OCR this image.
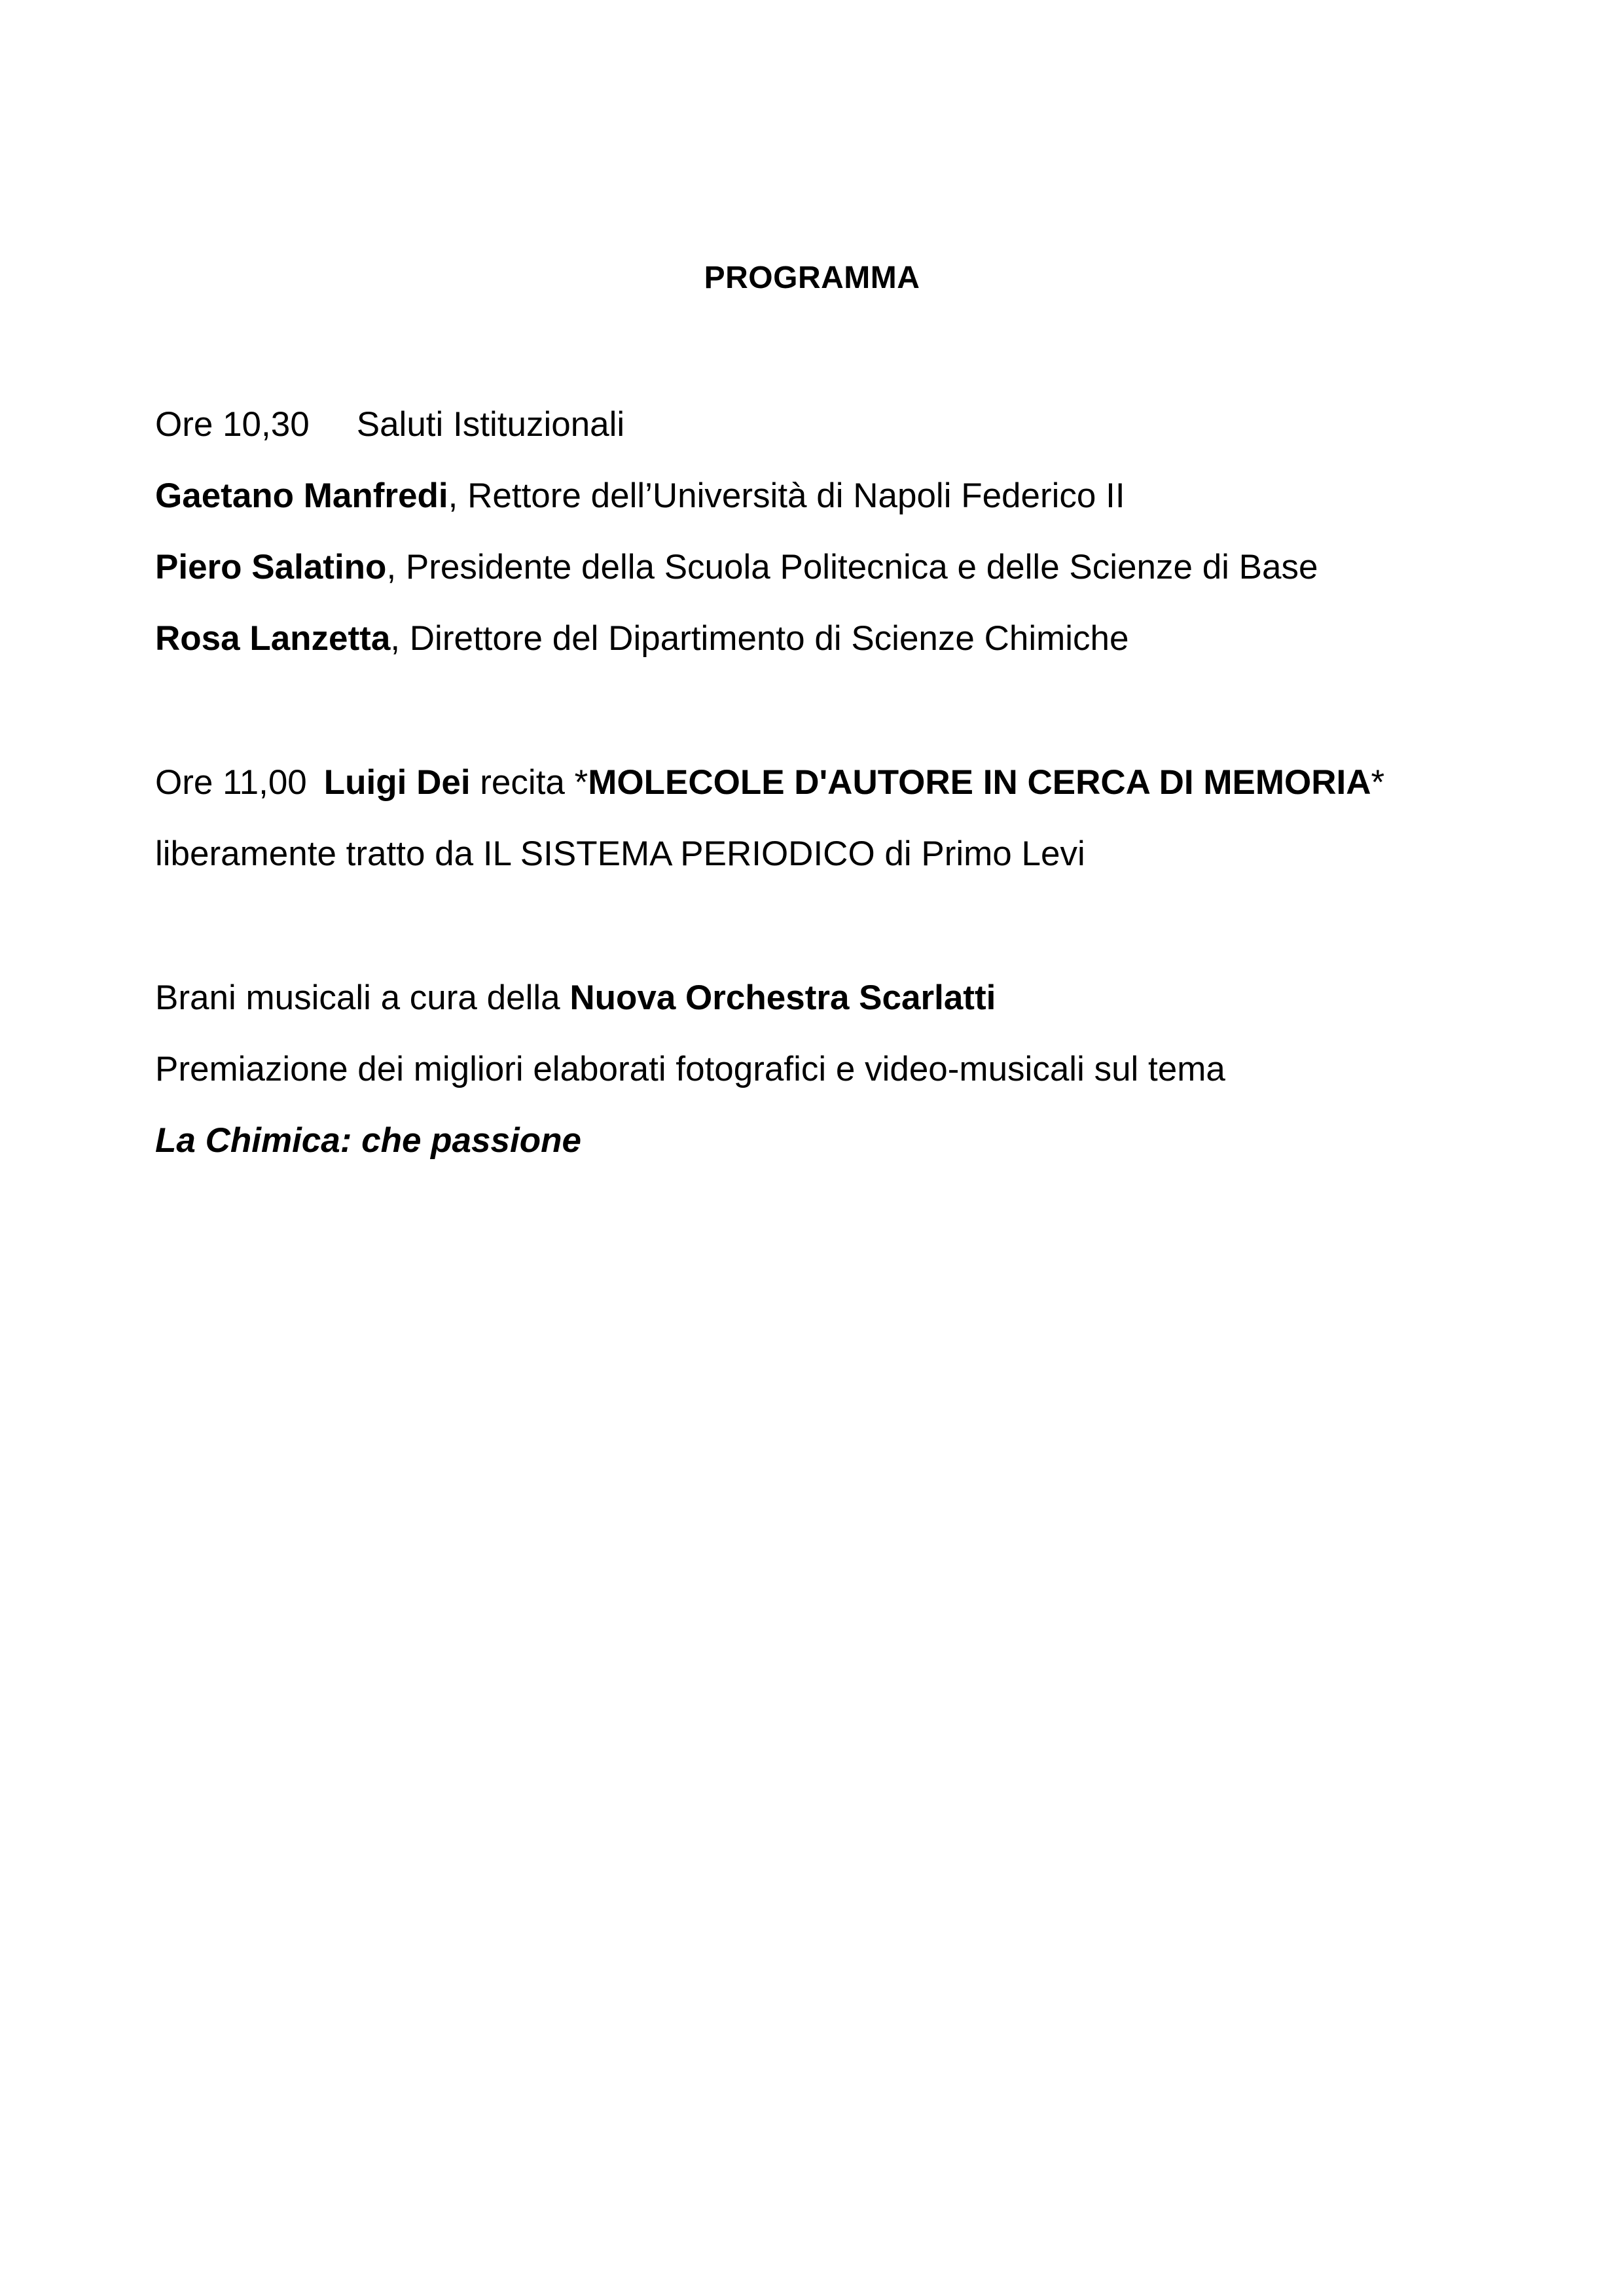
PROGRAMMA
Ore 10,30 Saluti Istituzionali
Gaetano Manfredi, Rettore dell’Università di Napoli Federico II
Piero Salatino, Presidente della Scuola Politecnica e delle Scienze di Base
Rosa Lanzetta, Direttore del Dipartimento di Scienze Chimiche
Ore 11,00 Luigi Dei recita *MOLECOLE D'AUTORE IN CERCA DI MEMORIA*
liberamente tratto da IL SISTEMA PERIODICO di Primo Levi
Brani musicali a cura della Nuova Orchestra Scarlatti
Premiazione dei migliori elaborati fotografici e video-musicali sul tema
La Chimica: che passione
